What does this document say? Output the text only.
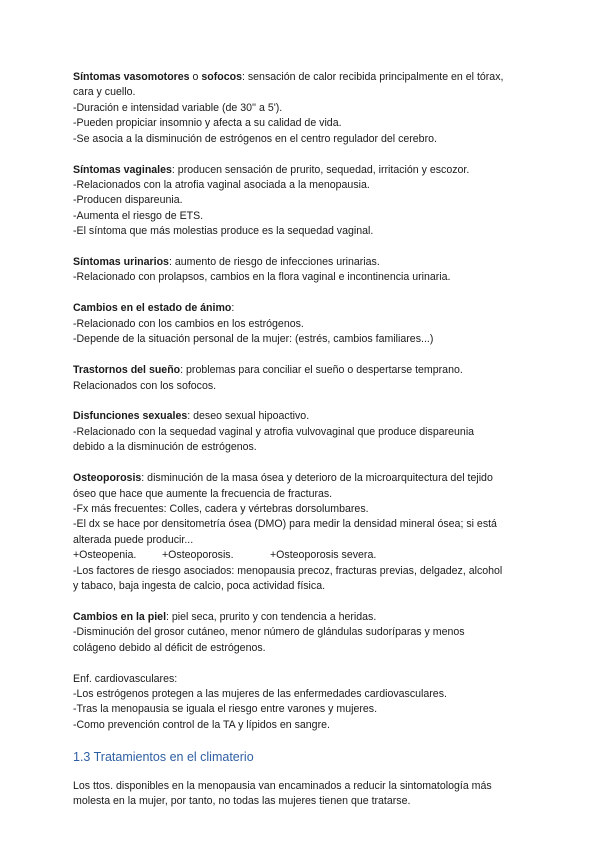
Síntomas vasomotores o sofocos: sensación de calor recibida principalmente en el tórax,
cara y cuello.
-Duración e intensidad variable (de 30'' a 5').
-Pueden propiciar insomnio y afecta a su calidad de vida.
-Se asocia a la disminución de estrógenos en el centro regulador del cerebro.
Síntomas vaginales: producen sensación de prurito, sequedad, irritación y escozor.
-Relacionados con la atrofia vaginal asociada a la menopausia.
-Producen dispareunia.
-Aumenta el riesgo de ETS.
-El síntoma que más molestias produce es la sequedad vaginal.
Síntomas urinarios: aumento de riesgo de infecciones urinarias.
-Relacionado con prolapsos, cambios en la flora vaginal e incontinencia urinaria.
Cambios en el estado de ánimo:
-Relacionado con los cambios en los estrógenos.
-Depende de la situación personal de la mujer: (estrés, cambios familiares...)
Trastornos del sueño: problemas para conciliar el sueño o despertarse temprano.
Relacionados con los sofocos.
Disfunciones sexuales: deseo sexual hipoactivo.
-Relacionado con la sequedad vaginal y atrofia vulvovaginal que produce dispareunia
debido a la disminución de estrógenos.
Osteoporosis: disminución de la masa ósea y deterioro de la microarquitectura del tejido
óseo que hace que aumente la frecuencia de fracturas.
-Fx más frecuentes: Colles, cadera y vértebras dorsolumbares.
-El dx se hace por densitometría ósea (DMO) para medir la densidad mineral ósea; si está
alterada puede producir...
+Osteopenia. +Osteoporosis.	+Osteoporosis severa.
-Los factores de riesgo asociados: menopausia precoz, fracturas previas, delgadez, alcohol
y tabaco, baja ingesta de calcio, poca actividad física.
Cambios en la piel: piel seca, prurito y con tendencia a heridas.
-Disminución del grosor cutáneo, menor número de glándulas sudoríparas y menos
colágeno debido al déficit de estrógenos.
Enf. cardiovasculares:
-Los estrógenos protegen a las mujeres de las enfermedades cardiovasculares.
-Tras la menopausia se iguala el riesgo entre varones y mujeres.
-Como prevención control de la TA y lípidos en sangre.
1.3 Tratamientos en el climaterio
Los ttos. disponibles en la menopausia van encaminados a reducir la sintomatología más
molesta en la mujer, por tanto, no todas las mujeres tienen que tratarse.
